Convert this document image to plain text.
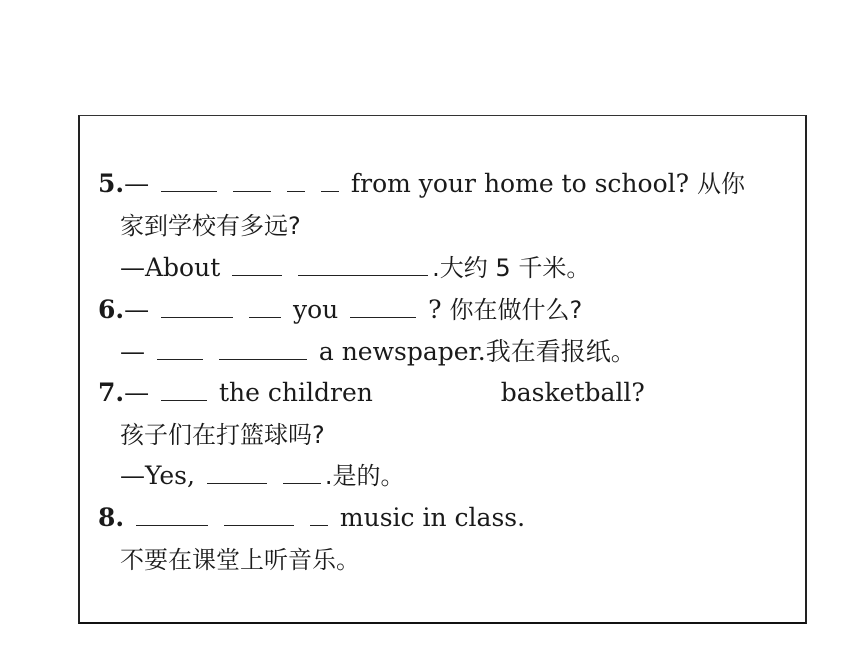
5.—	from your home to school? 从你
家到学校有多远?
—About	.大约 5 千米。
6.—	you	? 你在做什么?
—	a newspaper.我在看报纸。
7.—	the children	basketball?
孩子们在打篮球吗?
—Yes,	.是的。
8.	music in class.
不要在课堂上听音乐。
